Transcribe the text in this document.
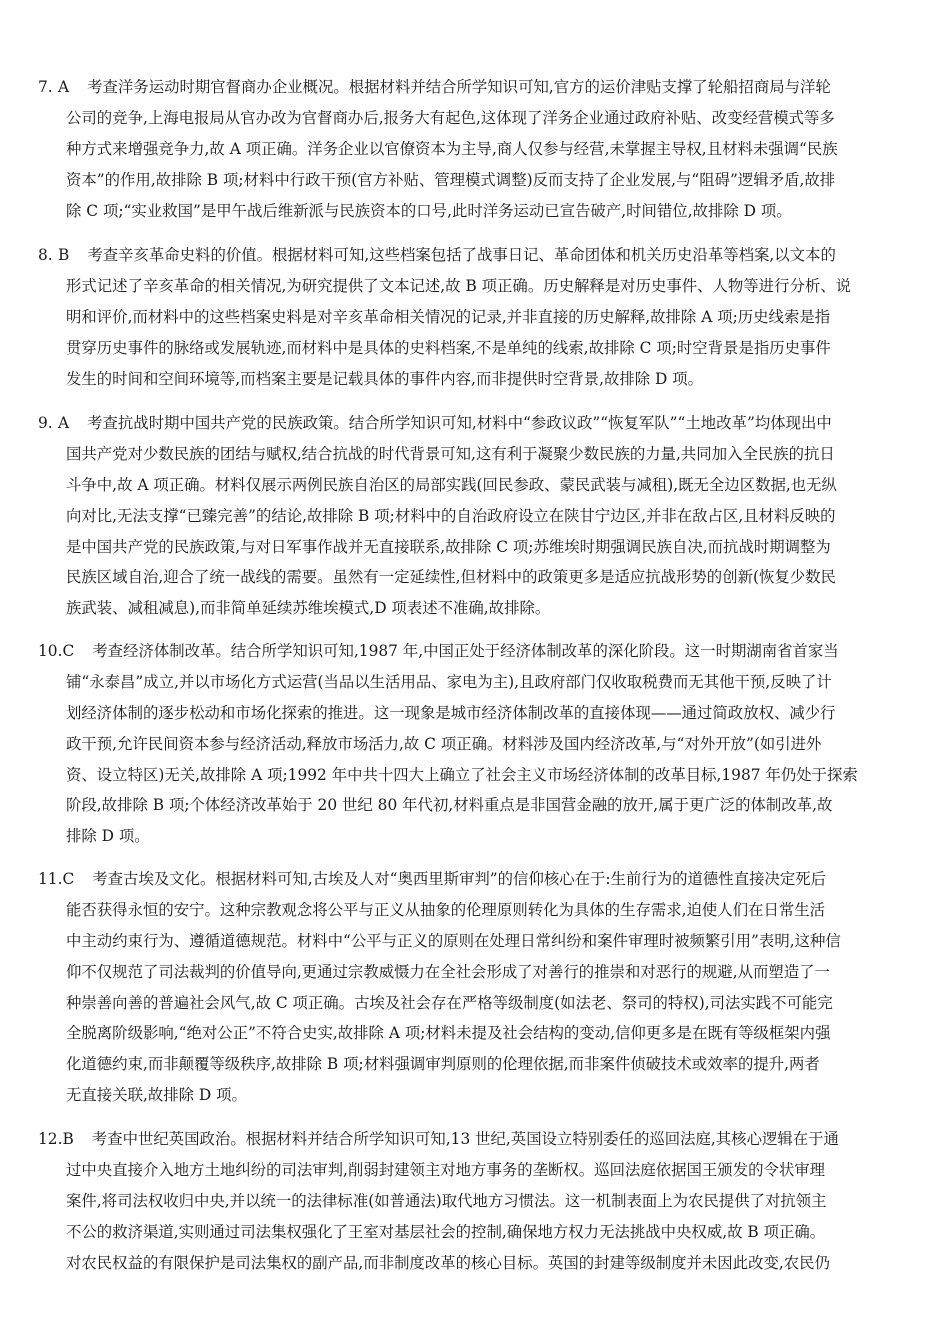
7. A 考查洋务运动时期官督商办企业概况。根据材料并结合所学知识可知,官方的运价津贴支撑了轮船招商局与洋轮
公司的竞争,上海电报局从官办改为官督商办后,报务大有起色,这体现了洋务企业通过政府补贴、改变经营模式等多
种方式来增强竞争力,故 A 项正确。洋务企业以官僚资本为主导,商人仅参与经营,未掌握主导权,且材料未强调“民族
资本”的作用,故排除 B 项;材料中行政干预(官方补贴、管理模式调整)反而支持了企业发展,与“阻碍”逻辑矛盾,故排
除 C 项;“实业救国”是甲午战后维新派与民族资本的口号,此时洋务运动已宣告破产,时间错位,故排除 D 项。
8. B 考查辛亥革命史料的价值。根据材料可知,这些档案包括了战事日记、革命团体和机关历史沿革等档案,以文本的
形式记述了辛亥革命的相关情况,为研究提供了文本记述,故 B 项正确。历史解释是对历史事件、人物等进行分析、说
明和评价,而材料中的这些档案史料是对辛亥革命相关情况的记录,并非直接的历史解释,故排除 A 项;历史线索是指
贯穿历史事件的脉络或发展轨迹,而材料中是具体的史料档案,不是单纯的线索,故排除 C 项;时空背景是指历史事件
发生的时间和空间环境等,而档案主要是记载具体的事件内容,而非提供时空背景,故排除 D 项。
9. A 考查抗战时期中国共产党的民族政策。结合所学知识可知,材料中“参政议政”“恢复军队”“土地改革”均体现出中
国共产党对少数民族的团结与赋权,结合抗战的时代背景可知,这有利于凝聚少数民族的力量,共同加入全民族的抗日
斗争中,故 A 项正确。材料仅展示两例民族自治区的局部实践(回民参政、蒙民武装与减租),既无全边区数据,也无纵
向对比,无法支撑“已臻完善”的结论,故排除 B 项;材料中的自治政府设立在陕甘宁边区,并非在敌占区,且材料反映的
是中国共产党的民族政策,与对日军事作战并无直接联系,故排除 C 项;苏维埃时期强调民族自决,而抗战时期调整为
民族区域自治,迎合了统一战线的需要。虽然有一定延续性,但材料中的政策更多是适应抗战形势的创新(恢复少数民
族武装、减租减息),而非简单延续苏维埃模式,D 项表述不准确,故排除。
10.C 考查经济体制改革。结合所学知识可知,1987 年,中国正处于经济体制改革的深化阶段。这一时期湖南省首家当
铺“永泰昌”成立,并以市场化方式运营(当品以生活用品、家电为主),且政府部门仅收取税费而无其他干预,反映了计
划经济体制的逐步松动和市场化探索的推进。这一现象是城市经济体制改革的直接体现——通过简政放权、减少行
政干预,允许民间资本参与经济活动,释放市场活力,故 C 项正确。材料涉及国内经济改革,与“对外开放”(如引进外
资、设立特区)无关,故排除 A 项;1992 年中共十四大上确立了社会主义市场经济体制的改革目标,1987 年仍处于探索
阶段,故排除 B 项;个体经济改革始于 20 世纪 80 年代初,材料重点是非国营金融的放开,属于更广泛的体制改革,故
排除 D 项。
11.C 考查古埃及文化。根据材料可知,古埃及人对“奥西里斯审判”的信仰核心在于:生前行为的道德性直接决定死后
能否获得永恒的安宁。这种宗教观念将公平与正义从抽象的伦理原则转化为具体的生存需求,迫使人们在日常生活
中主动约束行为、遵循道德规范。材料中“公平与正义的原则在处理日常纠纷和案件审理时被频繁引用”表明,这种信
仰不仅规范了司法裁判的价值导向,更通过宗教威慑力在全社会形成了对善行的推崇和对恶行的规避,从而塑造了一
种崇善向善的普遍社会风气,故 C 项正确。古埃及社会存在严格等级制度(如法老、祭司的特权),司法实践不可能完
全脱离阶级影响,“绝对公正”不符合史实,故排除 A 项;材料未提及社会结构的变动,信仰更多是在既有等级框架内强
化道德约束,而非颠覆等级秩序,故排除 B 项;材料强调审判原则的伦理依据,而非案件侦破技术或效率的提升,两者
无直接关联,故排除 D 项。
12.B 考查中世纪英国政治。根据材料并结合所学知识可知,13 世纪,英国设立特别委任的巡回法庭,其核心逻辑在于通
过中央直接介入地方土地纠纷的司法审判,削弱封建领主对地方事务的垄断权。巡回法庭依据国王颁发的令状审理
案件,将司法权收归中央,并以统一的法律标准(如普通法)取代地方习惯法。这一机制表面上为农民提供了对抗领主
不公的救济渠道,实则通过司法集权强化了王室对基层社会的控制,确保地方权力无法挑战中央权威,故 B 项正确。
对农民权益的有限保护是司法集权的副产品,而非制度改革的核心目标。英国的封建等级制度并未因此改变,农民仍
